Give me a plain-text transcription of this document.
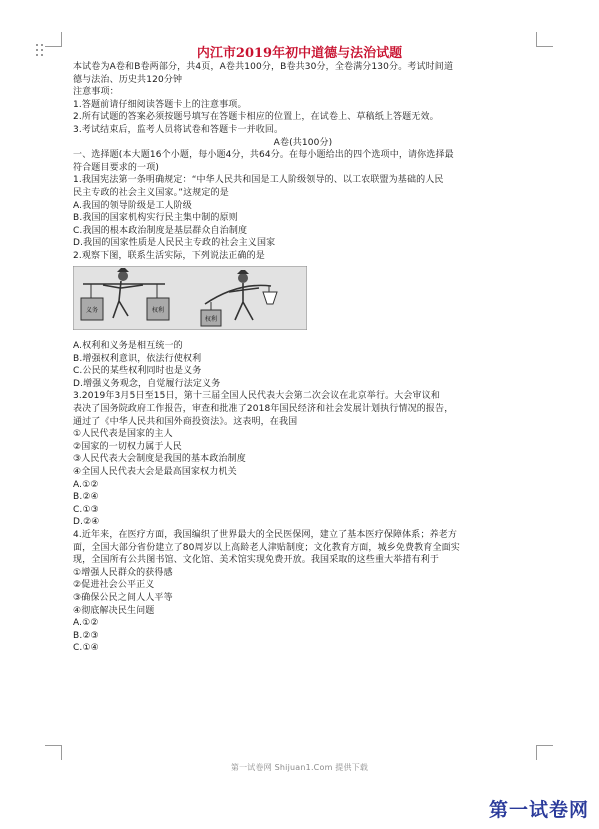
内江市2019年初中道德与法治试题
本试卷为A卷和B卷两部分，共4页，A卷共100分，B卷共30分，全卷满分130分。考试时间道
德与法治、历史共120分钟
注意事项：
1.答题前请仔细阅读答题卡上的注意事项。
2.所有试题的答案必须按题号填写在答题卡相应的位置上，在试卷上、草稿纸上答题无效。
3.考试结束后，监考人员将试卷和答题卡一并收回。
A卷(共100分)
一、选择题(本大题16个小题，每小题4分，共64分。在每小题给出的四个选项中，请你选择最
符合题目要求的一项)
1.我国宪法第一条明确规定：“中华人民共和国是工人阶级领导的、以工农联盟为基础的人民
民主专政的社会主义国家。”这规定的是
A.我国的领导阶级是工人阶级
B.我国的国家机构实行民主集中制的原则
C.我国的根本政治制度是基层群众自治制度
D.我国的国家性质是人民民主专政的社会主义国家
2.观察下图，联系生活实际，下列说法正确的是
义务	权利
权利
A.权利和义务是相互统一的
B.增强权利意识，依法行使权利
C.公民的某些权利同时也是义务
D.增强义务观念，自觉履行法定义务
3.2019年3月5日至15日，第十三届全国人民代表大会第二次会议在北京举行。大会审议和
表决了国务院政府工作报告，审查和批准了2018年国民经济和社会发展计划执行情况的报告，
通过了《中华人民共和国外商投资法》。这表明，在我国
①人民代表是国家的主人
②国家的一切权力属于人民
③人民代表大会制度是我国的基本政治制度
④全国人民代表大会是最高国家权力机关
A.①②
B.②④
C.①③
D.②④
4.近年来，在医疗方面，我国编织了世界最大的全民医保网，建立了基本医疗保障体系；养老方
面，全国大部分省份建立了80周岁以上高龄老人津贴制度；文化教育方面，城乡免费教育全面实
现，全国所有公共图书馆、文化馆、美术馆实现免费开放。我国采取的这些重大举措有利于
①增强人民群众的获得感
②促进社会公平正义
③确保公民之间人人平等
④彻底解决民生问题
A.①②
B.②③
C.①④
第一试卷网 Shijuan1.Com 提供下载
第一试卷网
